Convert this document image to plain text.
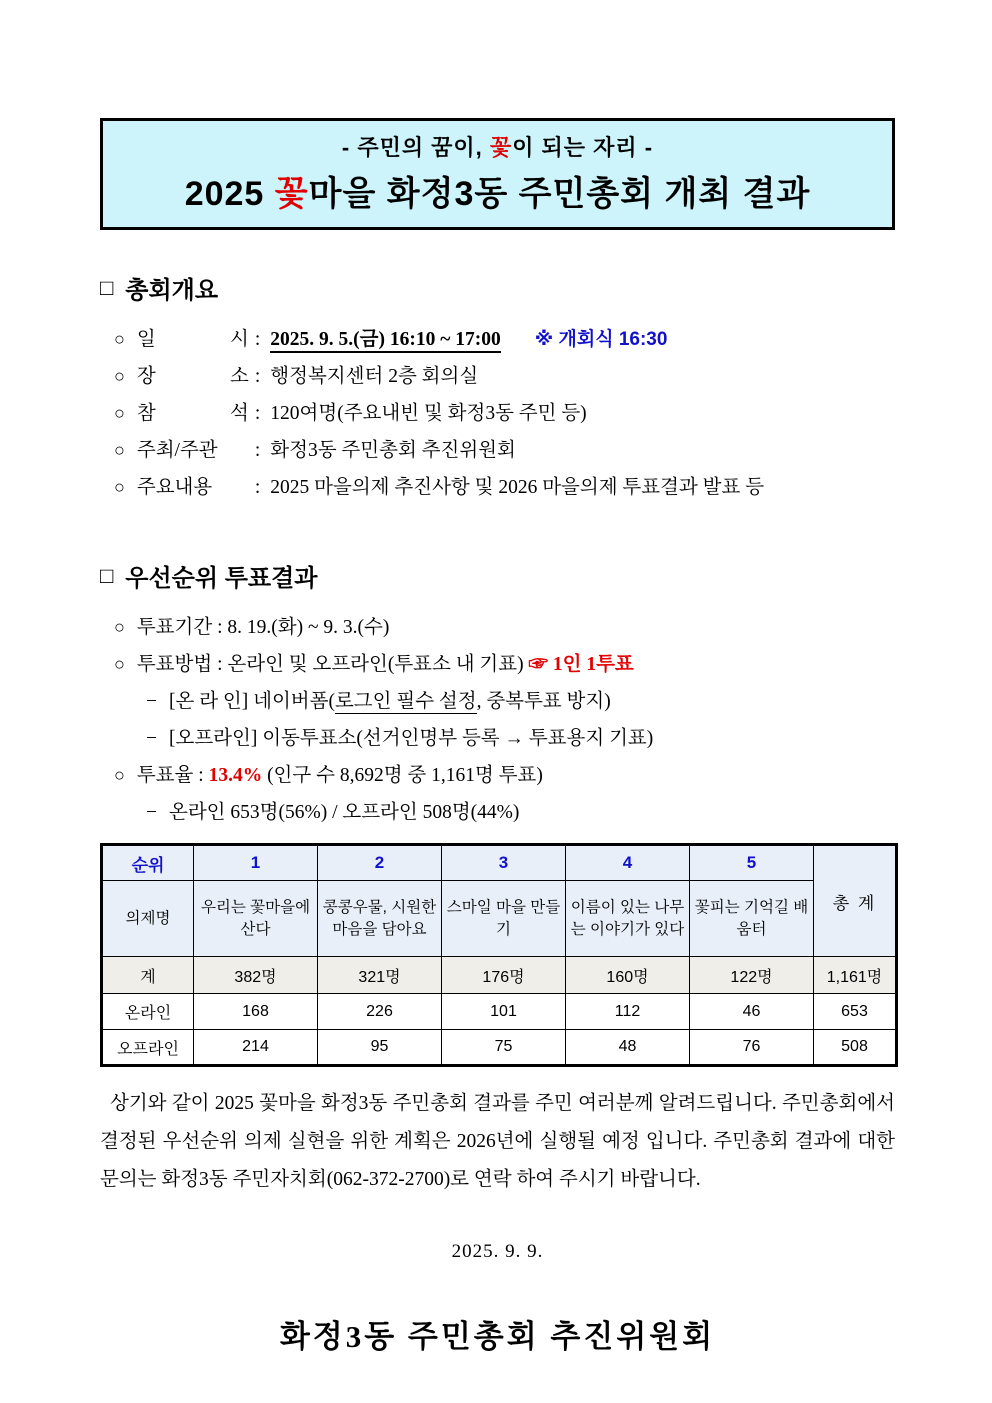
- 주민의 꿈이, 꽃이 되는 자리 -
2025 꽃마을 화정3동 주민총회 개최 결과
□ 총회개요
○ 일 시 : 2025. 9. 5.(금) 16:10 ~ 17:00 ※ 개회식 16:30
○ 장 소 : 행정복지센터 2층 회의실
○ 참 석 : 120여명(주요내빈 및 화정3동 주민 등)
○ 주최/주관 : 화정3동 주민총회 추진위원회
○ 주요내용 : 2025 마을의제 추진사항 및 2026 마을의제 투표결과 발표 등
□ 우선순위 투표결과
○ 투표기간 : 8. 19.(화) ~ 9. 3.(수)
○ 투표방법 : 온라인 및 오프라인(투표소 내 기표) ☞ 1인 1투표
− [온 라 인] 네이버폼(로그인 필수 설정, 중복투표 방지)
− [오프라인] 이동투표소(선거인명부 등록 → 투표용지 기표)
○ 투표율 : 13.4% (인구 수 8,692명 중 1,161명 투표)
− 온라인 653명(56%) / 오프라인 508명(44%)
순위	1	2	3	4	5	총 계
의제명	우리는 꽃마을에 산다	콩콩우물, 시원한 마음을 담아요	스마일 마을 만들기	이름이 있는 나무는 이야기가 있다	꽃피는 기억길 배움터	
계	382명	321명	176명	160명	122명	1,161명
온라인	168	226	101	112	46	653
오프라인	214	95	75	48	76	508

상기와 같이 2025 꽃마을 화정3동 주민총회 결과를 주민 여러분께 알려드립니다. 주민총회에서 결정된 우선순위 의제 실현을 위한 계획은 2026년에 실행될 예정 입니다. 주민총회 결과에 대한 문의는 화정3동 주민자치회(062-372-2700)로 연락 하여 주시기 바랍니다.

2025. 9. 9.
화정3동 주민총회 추진위원회
